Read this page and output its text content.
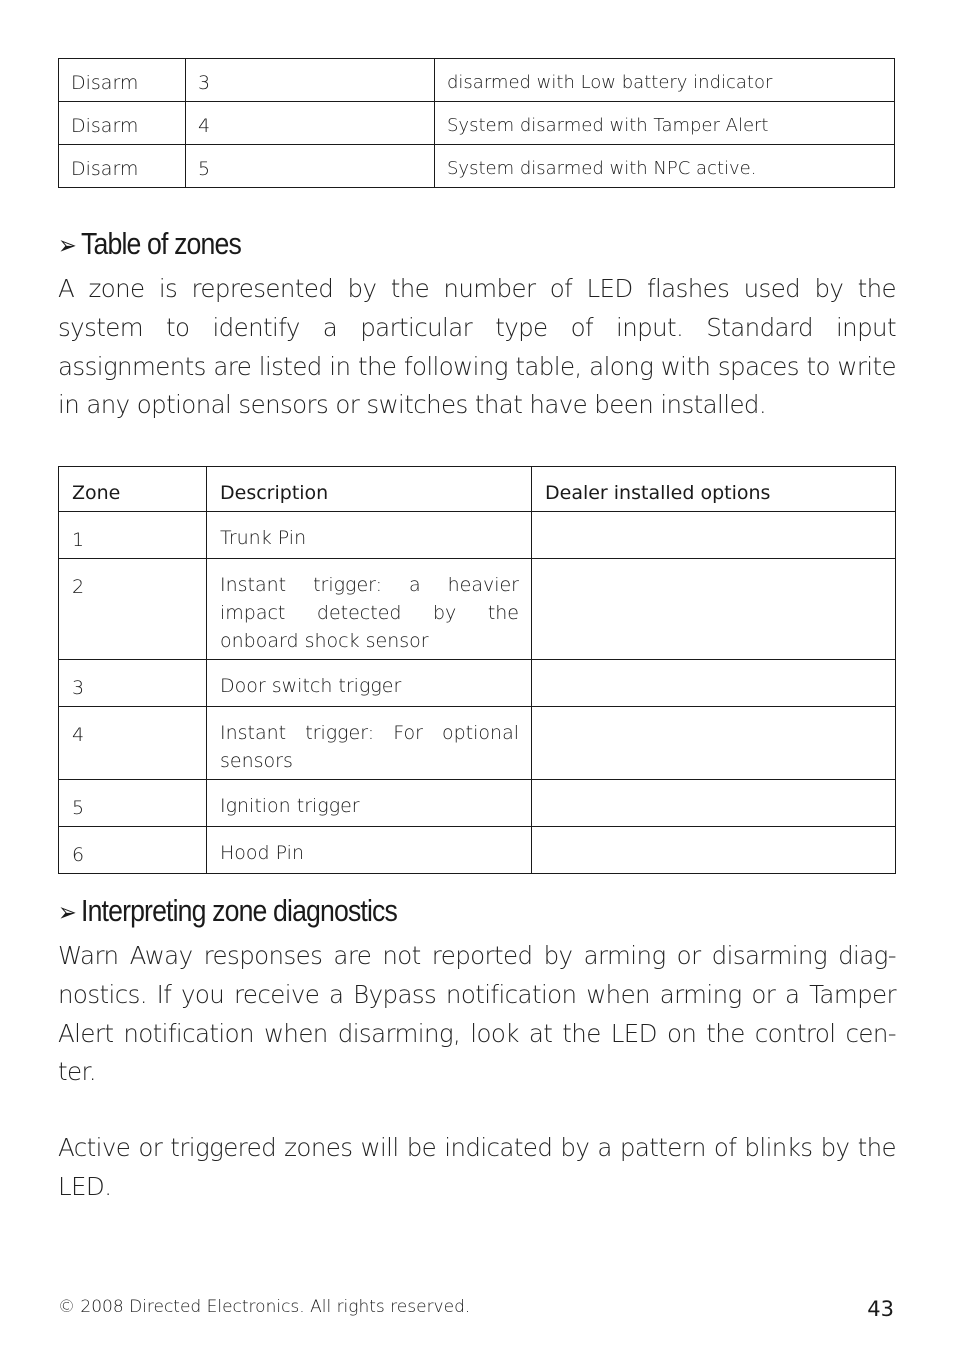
Disarm	3	disarmed with Low battery indicator
Disarm	4	System disarmed with Tamper Alert
Disarm	5	System disarmed with NPC active.
➢ Table of zones

A zone is represented by the number of LED flashes used by the system to identify a particular type of input. Standard input assignments are listed in the following table, along with spaces to write in any optional sensors or switches that have been installed.

Zone	Description	Dealer installed options
1	Trunk Pin	
2	Instant trigger: a heavier impact detected by the onboard shock sensor	
3	Door switch trigger	
4	Instant trigger: For optional sensors	
5	Ignition trigger	
6	Hood Pin	
➢ Interpreting zone diagnostics

Warn Away responses are not reported by arming or disarming diag-nostics. If you receive a Bypass notification when arming or a Tamper Alert notification when disarming, look at the LED on the control cen-ter.

Active or triggered zones will be indicated by a pattern of blinks by the LED.

© 2008 Directed Electronics. All rights reserved.	43
